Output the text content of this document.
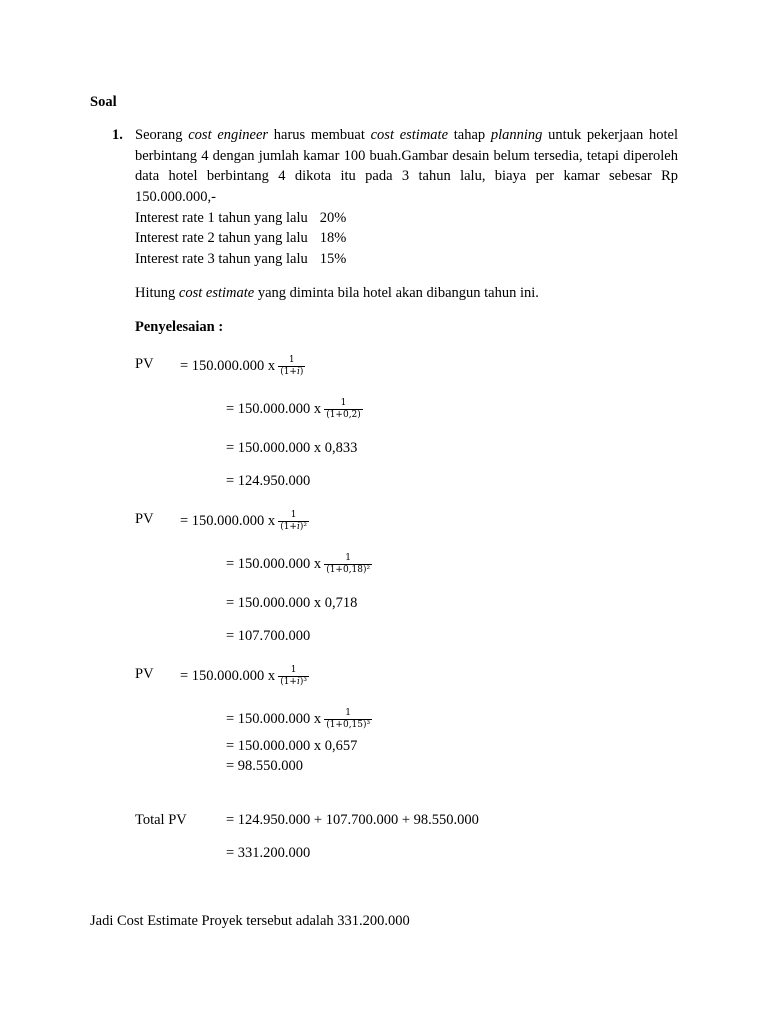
Soal
1. Seorang cost engineer harus membuat cost estimate tahap planning untuk pekerjaan hotel berbintang 4 dengan jumlah kamar 100 buah.Gambar desain belum tersedia, tetapi diperoleh data hotel berbintang 4 dikota itu pada 3 tahun lalu, biaya per kamar sebesar Rp 150.000.000,-
Interest rate 1 tahun yang lalu 20%
Interest rate 2 tahun yang lalu 18%
Interest rate 3 tahun yang lalu 15%
Hitung cost estimate yang diminta bila hotel akan dibangun tahun ini.
Penyelesaian :
PV = 150.000.000 x $\frac{1}{(1+i)}$
= 150.000.000 x $\frac{1}{(1+0,2)}$
= 150.000.000 x 0,833
= 124.950.000
PV = 150.000.000 x $\frac{1}{\text{(1+i)²}}$
= 150.000.000 x $\frac{1}{\text{(1+0,18)²}}$
= 150.000.000 x 0,718
= 107.700.000
PV = 150.000.000 x $\frac{1}{\text{(1+i)³}}$
= 150.000.000 x $\frac{1}{\text{(1+0,15)³}}$
= 150.000.000 x 0,657
= 98.550.000
Total PV	= 124.950.000 + 107.700.000 + 98.550.000
= 331.200.000
Jadi Cost Estimate Proyek tersebut adalah 331.200.000
